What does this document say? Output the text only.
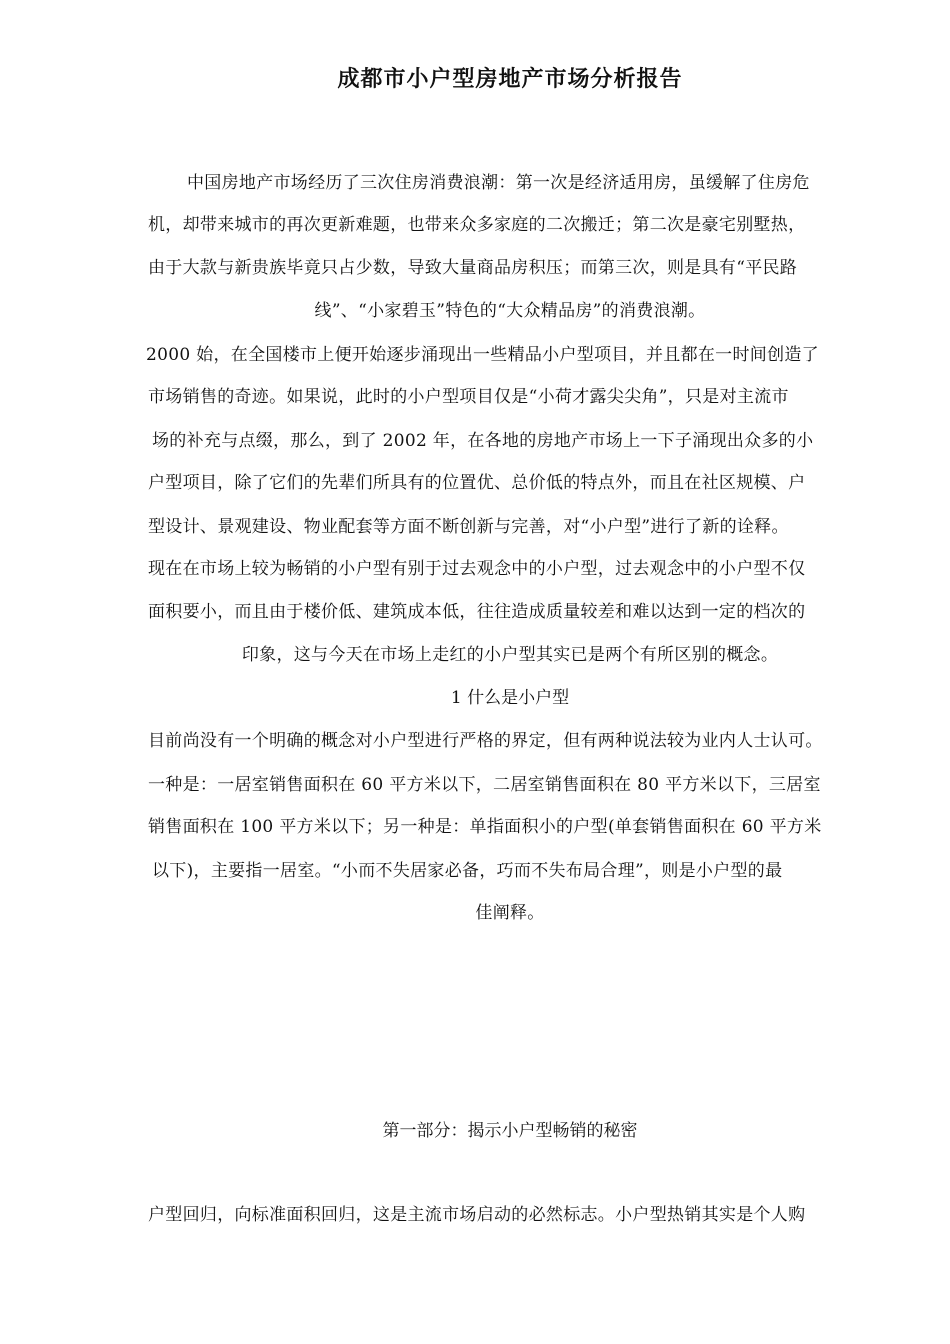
成都市小户型房地产市场分析报告
中国房地产市场经历了三次住房消费浪潮：第一次是经济适用房，虽缓解了住房危
机，却带来城市的再次更新难题，也带来众多家庭的二次搬迁；第二次是豪宅别墅热，
由于大款与新贵族毕竟只占少数，导致大量商品房积压；而第三次，则是具有“平民路
线”、“小家碧玉”特色的“大众精品房”的消费浪潮。
2000 始，在全国楼市上便开始逐步涌现出一些精品小户型项目，并且都在一时间创造了
市场销售的奇迹。如果说，此时的小户型项目仅是“小荷才露尖尖角”，只是对主流市
场的补充与点缀，那么，到了 2002 年，在各地的房地产市场上一下子涌现出众多的小
户型项目，除了它们的先辈们所具有的位置优、总价低的特点外，而且在社区规模、户
型设计、景观建设、物业配套等方面不断创新与完善，对“小户型”进行了新的诠释。
现在在市场上较为畅销的小户型有别于过去观念中的小户型，过去观念中的小户型不仅
面积要小，而且由于楼价低、建筑成本低，往往造成质量较差和难以达到一定的档次的
印象，这与今天在市场上走红的小户型其实已是两个有所区别的概念。
1 什么是小户型
目前尚没有一个明确的概念对小户型进行严格的界定，但有两种说法较为业内人士认可。
一种是：一居室销售面积在 60 平方米以下，二居室销售面积在 80 平方米以下，三居室
销售面积在 100 平方米以下；另一种是：单指面积小的户型(单套销售面积在 60 平方米
以下)，主要指一居室。“小而不失居家必备，巧而不失布局合理”，则是小户型的最
佳阐释。
第一部分：揭示小户型畅销的秘密
户型回归，向标准面积回归，这是主流市场启动的必然标志。小户型热销其实是个人购
